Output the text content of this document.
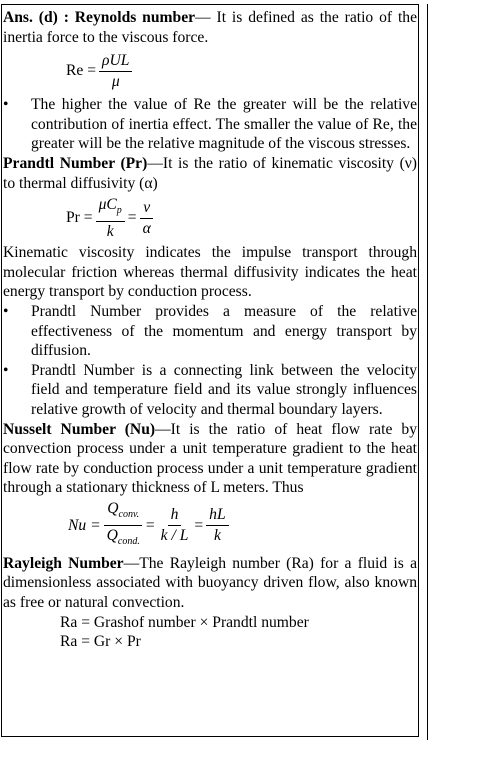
Ans. (d) : Reynolds number— It is defined as the ratio of the inertia force to the viscous force.

$Re = \frac{\text{ρUL}}{\mu}$
•	The higher the value of Re the greater will be the relative contribution of inertia effect. The smaller the value of Re, the greater will be the relative magnitude of the viscous stresses.

Prandtl Number (Pr)—It is the ratio of kinematic viscosity (ν) to thermal diffusivity (α)

$Pr = \frac{\mu C_p}{k} = \frac{\nu}{\alpha}$

Kinematic viscosity indicates the impulse transport through molecular friction whereas thermal diffusivity indicates the heat energy transport by conduction process.

•	Prandtl Number provides a measure of the relative effectiveness of the momentum and energy transport by diffusion.
•	Prandtl Number is a connecting link between the velocity field and temperature field and its value strongly influences relative growth of velocity and thermal boundary layers.

Nusselt Number (Nu)—It is the ratio of heat flow rate by convection process under a unit temperature gradient to the heat flow rate by conduction process under a unit temperature gradient through a stationary thickness of L meters. Thus

$Nu = \frac{Q_{conv.}}{Q_{cond.}} = \frac{h}{k / L} = \frac{hL}{k}$

Rayleigh Number—The Rayleigh number (Ra) for a fluid is a dimensionless associated with buoyancy driven flow, also known as free or natural convection.

Ra = Grashof number × Prandtl number

Ra = Gr × Pr
